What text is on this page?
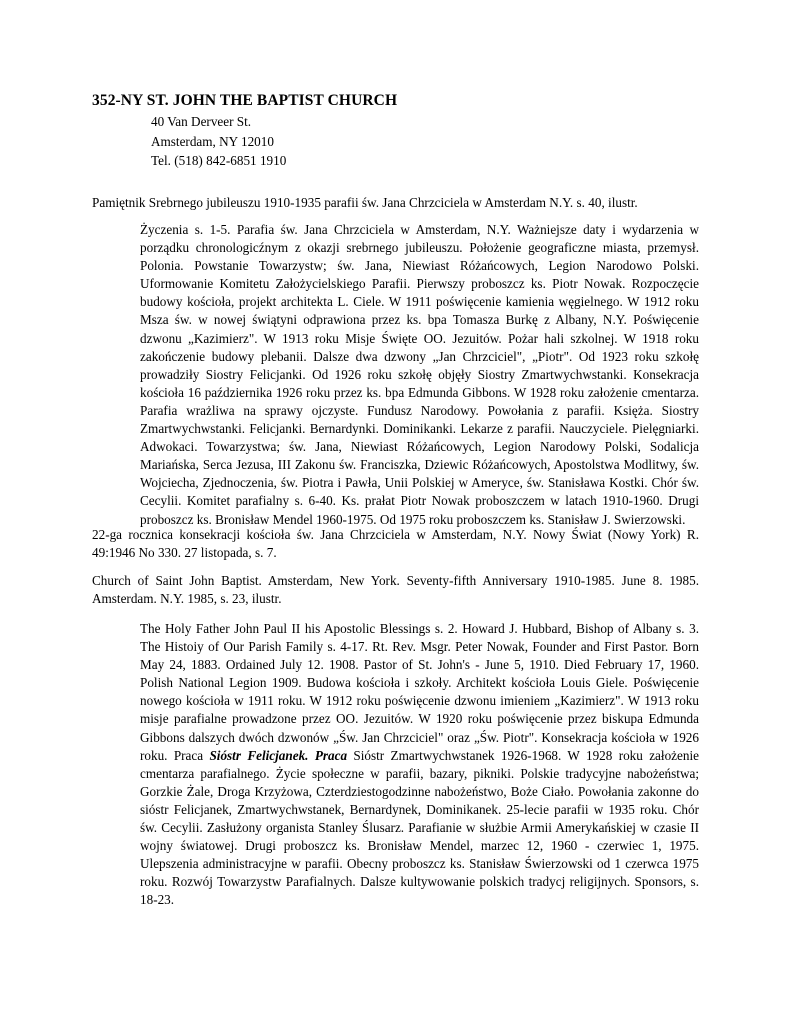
352-NY ST. JOHN THE BAPTIST CHURCH
40 Van Derveer St.
Amsterdam, NY 12010
Tel. (518) 842-6851 1910

Pamiętnik Srebrnego jubileuszu 1910-1935 parafii św. Jana Chrzciciela w Amsterdam N.Y. s. 40, ilustr.

Życzenia s. 1-5. Parafia św. Jana Chrzciciela w Amsterdam, N.Y. Ważniejsze daty i wydarzenia w porządku chronologicźnym z okazji srebrnego jubileuszu. Położenie geograficzne miasta, przemysł. Polonia. Powstanie Towarzystw; św. Jana, Niewiast Różańcowych, Legion Narodowo Polski. Uformowanie Komitetu Założycielskiego Parafii. Pierwszy proboszcz ks. Piotr Nowak. Rozpoczęcie budowy kościoła, projekt architekta L. Ciele. W 1911 poświęcenie kamienia węgielnego. W 1912 roku Msza św. w nowej świątyni odprawiona przez ks. bpa Tomasza Burkę z Albany, N.Y. Poświęcenie dzwonu „Kazimierz". W 1913 roku Misje Święte OO. Jezuitów. Pożar hali szkolnej. W 1918 roku zakończenie budowy plebanii. Dalsze dwa dzwony „Jan Chrzciciel", „Piotr". Od 1923 roku szkołę prowadziły Siostry Felicjanki. Od 1926 roku szkołę objęły Siostry Zmartwychwstanki. Konsekracja kościoła 16 października 1926 roku przez ks. bpa Edmunda Gibbons. W 1928 roku założenie cmentarza. Parafia wrażliwa na sprawy ojczyste. Fundusz Narodowy. Powołania z parafii. Księża. Siostry Zmartwychwstanki. Felicjanki. Bernardynki. Dominikanki. Lekarze z parafii. Nauczyciele. Pielęgniarki. Adwokaci. Towarzystwa; św. Jana, Niewiast Różańcowych, Legion Narodowy Polski, Sodalicja Mariańska, Serca Jezusa, III Zakonu św. Franciszka, Dziewic Różańcowych, Apostolstwa Modlitwy, św. Wojciecha, Zjednoczenia, św. Piotra i Pawła, Unii Polskiej w Ameryce, św. Stanisława Kostki. Chór św. Cecylii. Komitet parafialny s. 6-40. Ks. prałat Piotr Nowak proboszczem w latach 1910-1960. Drugi proboszcz ks. Bronisław Mendel 1960-1975. Od 1975 roku proboszczem ks. Stanisław J. Swierzowski.

22-ga rocznica konsekracji kościoła św. Jana Chrzciciela w Amsterdam, N.Y. Nowy Świat (Nowy York) R. 49:1946 No 330. 27 listopada, s. 7.

Church of Saint John Baptist. Amsterdam, New York. Seventy-fifth Anniversary 1910-1985. June 8. 1985. Amsterdam. N.Y. 1985, s. 23, ilustr.

The Holy Father John Paul II his Apostolic Blessings s. 2. Howard J. Hubbard, Bishop of Albany s. 3. The Histoiy of Our Parish Family s. 4-17. Rt. Rev. Msgr. Peter Nowak, Founder and First Pastor. Born May 24, 1883. Ordained July 12. 1908. Pastor of St. John's - June 5, 1910. Died February 17, 1960. Polish National Legion 1909. Budowa kościoła i szkoły. Architekt kościoła Louis Giele. Poświęcenie nowego kościoła w 1911 roku. W 1912 roku poświęcenie dzwonu imieniem „Kazimierz". W 1913 roku misje parafialne prowadzone przez OO. Jezuitów. W 1920 roku poświęcenie przez biskupa Edmunda Gibbons dalszych dwóch dzwonów „Św. Jan Chrzciciel" oraz „Św. Piotr". Konsekracja kościoła w 1926 roku. Praca Sióstr Felicjanek. Praca Sióstr Zmartwychwstanek 1926-1968. W 1928 roku założenie cmentarza parafialnego. Życie społeczne w parafii, bazary, pikniki. Polskie tradycyjne nabożeństwa; Gorzkie Żale, Droga Krzyżowa, Czterdziestogodzinne nabożeństwo, Boże Ciało. Powołania zakonne do sióstr Felicjanek, Zmartwychwstanek, Bernardynek, Dominikanek. 25-lecie parafii w 1935 roku. Chór św. Cecylii. Zasłużony organista Stanley Ślusarz. Parafianie w służbie Armii Amerykańskiej w czasie II wojny światowej. Drugi proboszcz ks. Bronisław Mendel, marzec 12, 1960 - czerwiec 1, 1975. Ulepszenia administracyjne w parafii. Obecny proboszcz ks. Stanisław Świerzowski od 1 czerwca 1975 roku. Rozwój Towarzystw Parafialnych. Dalsze kultywowanie polskich tradycj religijnych. Sponsors, s. 18-23.
